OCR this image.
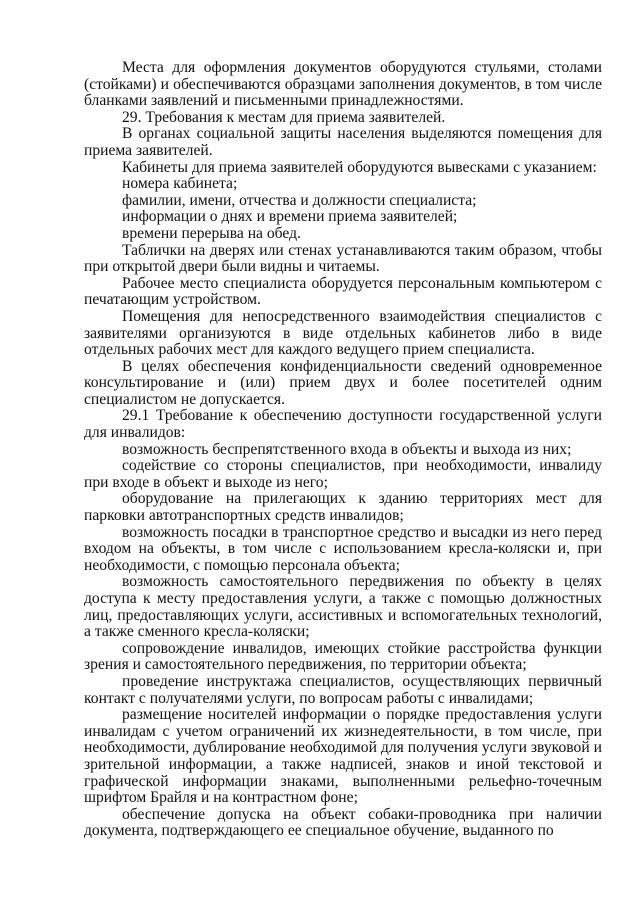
Места для оформления документов оборудуются стульями, столами (стойками) и обеспечиваются образцами заполнения документов, в том числе бланками заявлений и письменными принадлежностями.

29. Требования к местам для приема заявителей.

В органах социальной защиты населения выделяются помещения для приема заявителей.

Кабинеты для приема заявителей оборудуются вывесками с указанием:

номера кабинета;

фамилии, имени, отчества и должности специалиста;

информации о днях и времени приема заявителей;

времени перерыва на обед.

Таблички на дверях или стенах устанавливаются таким образом, чтобы при открытой двери были видны и читаемы.

Рабочее место специалиста оборудуется персональным компьютером с печатающим устройством.

Помещения для непосредственного взаимодействия специалистов с заявителями организуются в виде отдельных кабинетов либо в виде отдельных рабочих мест для каждого ведущего прием специалиста.

В целях обеспечения конфиденциальности сведений одновременное консультирование и (или) прием двух и более посетителей одним специалистом не допускается.

29.1 Требование к обеспечению доступности государственной услуги для инвалидов:

возможность беспрепятственного входа в объекты и выхода из них;

содействие со стороны специалистов, при необходимости, инвалиду при входе в объект и выходе из него;

оборудование на прилегающих к зданию территориях мест для парковки автотранспортных средств инвалидов;

возможность посадки в транспортное средство и высадки из него перед входом на объекты, в том числе с использованием кресла-коляски и, при необходимости, с помощью персонала объекта;

возможность самостоятельного передвижения по объекту в целях доступа к месту предоставления услуги, а также с помощью должностных лиц, предоставляющих услуги, ассистивных и вспомогательных технологий, а также сменного кресла-коляски;

сопровождение инвалидов, имеющих стойкие расстройства функции зрения и самостоятельного передвижения, по территории объекта;

проведение инструктажа специалистов, осуществляющих первичный контакт с получателями услуги, по вопросам работы с инвалидами;

размещение носителей информации о порядке предоставления услуги инвалидам с учетом ограничений их жизнедеятельности, в том числе, при необходимости, дублирование необходимой для получения услуги звуковой и зрительной информации, а также надписей, знаков и иной текстовой и графической информации знаками, выполненными рельефно-точечным шрифтом Брайля и на контрастном фоне;

обеспечение допуска на объект собаки-проводника при наличии документа, подтверждающего ее специальное обучение, выданного по
